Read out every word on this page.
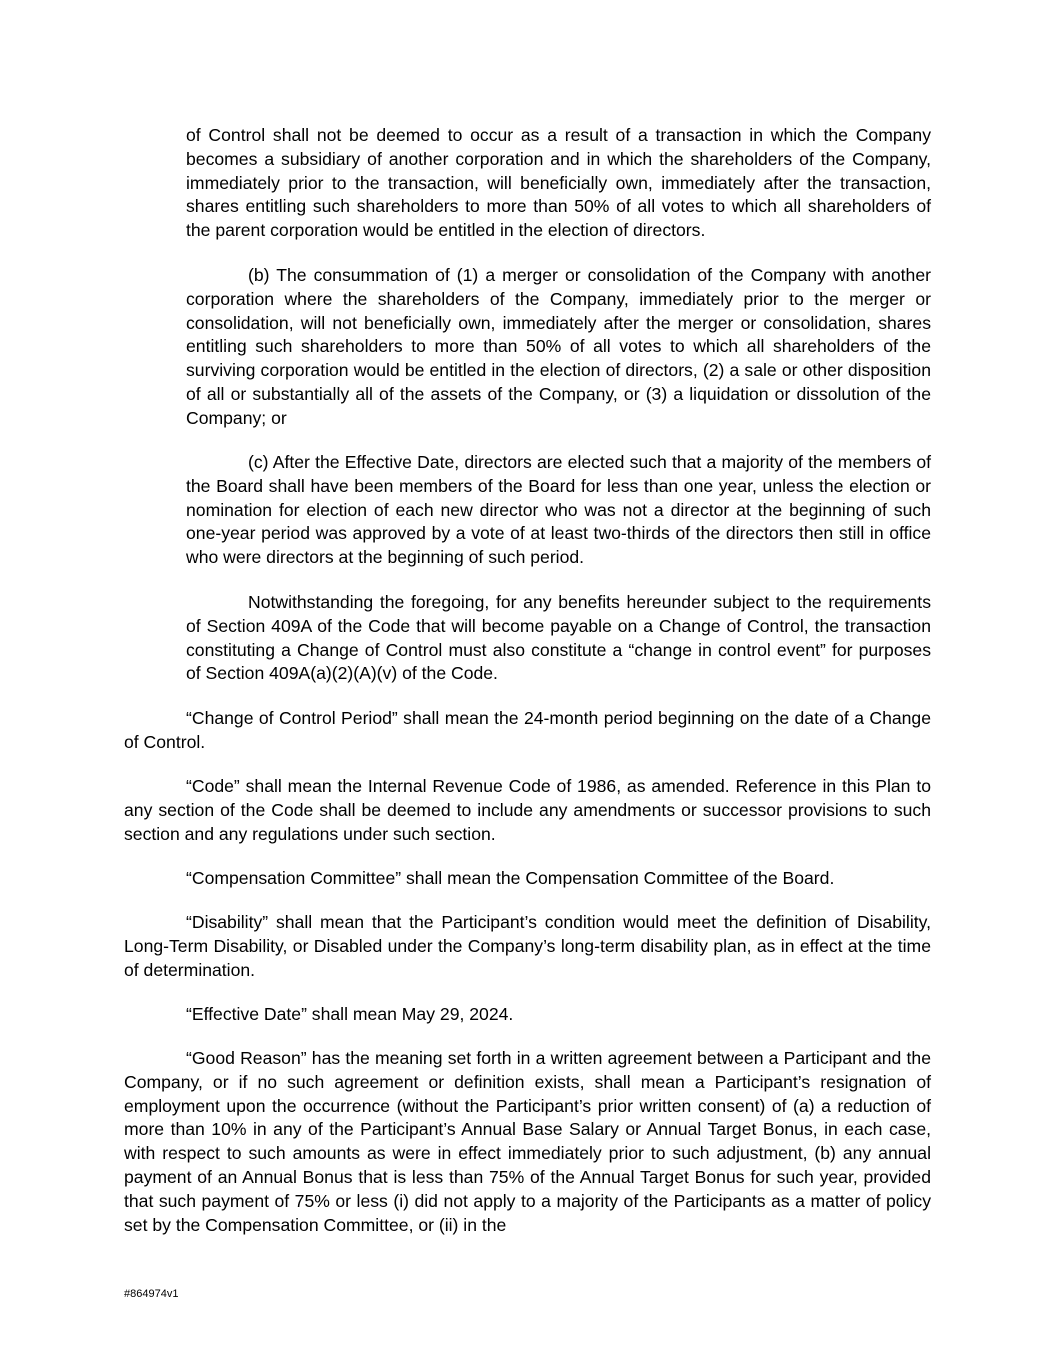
of Control shall not be deemed to occur as a result of a transaction in which the Company becomes a subsidiary of another corporation and in which the shareholders of the Company, immediately prior to the transaction, will beneficially own, immediately after the transaction, shares entitling such shareholders to more than 50% of all votes to which all shareholders of the parent corporation would be entitled in the election of directors.

(b) The consummation of (1) a merger or consolidation of the Company with another corporation where the shareholders of the Company, immediately prior to the merger or consolidation, will not beneficially own, immediately after the merger or consolidation, shares entitling such shareholders to more than 50% of all votes to which all shareholders of the surviving corporation would be entitled in the election of directors, (2) a sale or other disposition of all or substantially all of the assets of the Company, or (3) a liquidation or dissolution of the Company; or

(c) After the Effective Date, directors are elected such that a majority of the members of the Board shall have been members of the Board for less than one year, unless the election or nomination for election of each new director who was not a director at the beginning of such one-year period was approved by a vote of at least two-thirds of the directors then still in office who were directors at the beginning of such period.

Notwithstanding the foregoing, for any benefits hereunder subject to the requirements of Section 409A of the Code that will become payable on a Change of Control, the transaction constituting a Change of Control must also constitute a “change in control event” for purposes of Section 409A(a)(2)(A)(v) of the Code.

“Change of Control Period” shall mean the 24-month period beginning on the date of a Change of Control.

“Code” shall mean the Internal Revenue Code of 1986, as amended. Reference in this Plan to any section of the Code shall be deemed to include any amendments or successor provisions to such section and any regulations under such section.

“Compensation Committee” shall mean the Compensation Committee of the Board.

“Disability” shall mean that the Participant’s condition would meet the definition of Disability, Long-Term Disability, or Disabled under the Company’s long-term disability plan, as in effect at the time of determination.

“Effective Date” shall mean May 29, 2024.

“Good Reason” has the meaning set forth in a written agreement between a Participant and the Company, or if no such agreement or definition exists, shall mean a Participant’s resignation of employment upon the occurrence (without the Participant’s prior written consent) of (a) a reduction of more than 10% in any of the Participant’s Annual Base Salary or Annual Target Bonus, in each case, with respect to such amounts as were in effect immediately prior to such adjustment, (b) any annual payment of an Annual Bonus that is less than 75% of the Annual Target Bonus for such year, provided that such payment of 75% or less (i) did not apply to a majority of the Participants as a matter of policy set by the Compensation Committee, or (ii) in the

#864974v1
